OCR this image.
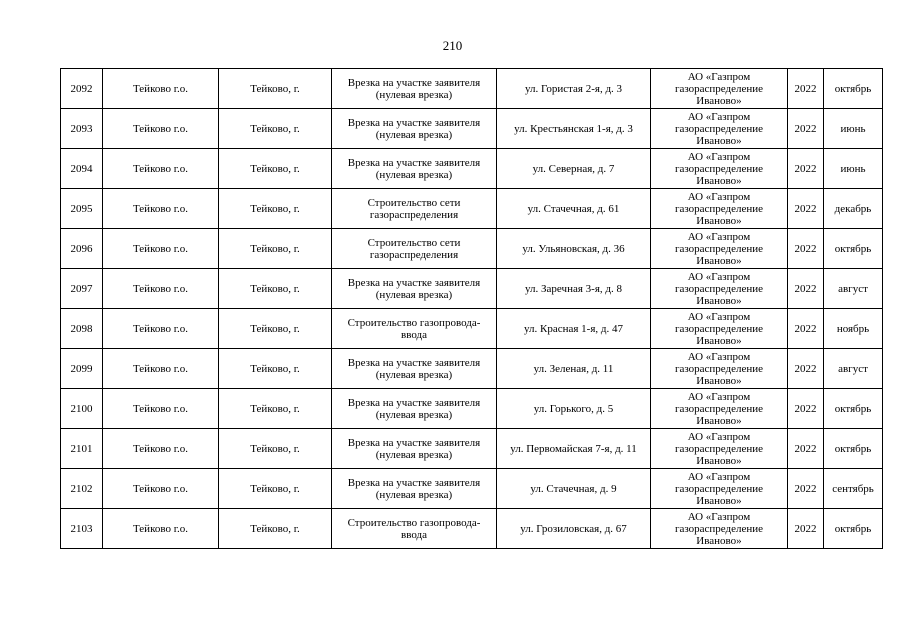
210
2092	Тейково г.о.	Тейково, г.	Врезка на участке заявителя
(нулевая врезка)	ул. Гористая 2-я, д. 3	АО «Газпром
газораспределение
Иваново»	2022	октябрь
2093	Тейково г.о.	Тейково, г.	Врезка на участке заявителя
(нулевая врезка)	ул. Крестьянская 1-я, д. 3	АО «Газпром
газораспределение
Иваново»	2022	июнь
2094	Тейково г.о.	Тейково, г.	Врезка на участке заявителя
(нулевая врезка)	ул. Северная, д. 7	АО «Газпром
газораспределение
Иваново»	2022	июнь
2095	Тейково г.о.	Тейково, г.	Строительство сети
газораспределения	ул. Стачечная, д. 61	АО «Газпром
газораспределение
Иваново»	2022	декабрь
2096	Тейково г.о.	Тейково, г.	Строительство сети
газораспределения	ул. Ульяновская, д. 36	АО «Газпром
газораспределение
Иваново»	2022	октябрь
2097	Тейково г.о.	Тейково, г.	Врезка на участке заявителя
(нулевая врезка)	ул. Заречная 3-я, д. 8	АО «Газпром
газораспределение
Иваново»	2022	август
2098	Тейково г.о.	Тейково, г.	Строительство газопровода-
ввода	ул. Красная 1-я, д. 47	АО «Газпром
газораспределение
Иваново»	2022	ноябрь
2099	Тейково г.о.	Тейково, г.	Врезка на участке заявителя
(нулевая врезка)	ул. Зеленая, д. 11	АО «Газпром
газораспределение
Иваново»	2022	август
2100	Тейково г.о.	Тейково, г.	Врезка на участке заявителя
(нулевая врезка)	ул. Горького, д. 5	АО «Газпром
газораспределение
Иваново»	2022	октябрь
2101	Тейково г.о.	Тейково, г.	Врезка на участке заявителя
(нулевая врезка)	ул. Первомайская 7-я, д. 11	АО «Газпром
газораспределение
Иваново»	2022	октябрь
2102	Тейково г.о.	Тейково, г.	Врезка на участке заявителя
(нулевая врезка)	ул. Стачечная, д. 9	АО «Газпром
газораспределение
Иваново»	2022	сентябрь
2103	Тейково г.о.	Тейково, г.	Строительство газопровода-
ввода	ул. Грозиловская, д. 67	АО «Газпром
газораспределение
Иваново»	2022	октябрь
